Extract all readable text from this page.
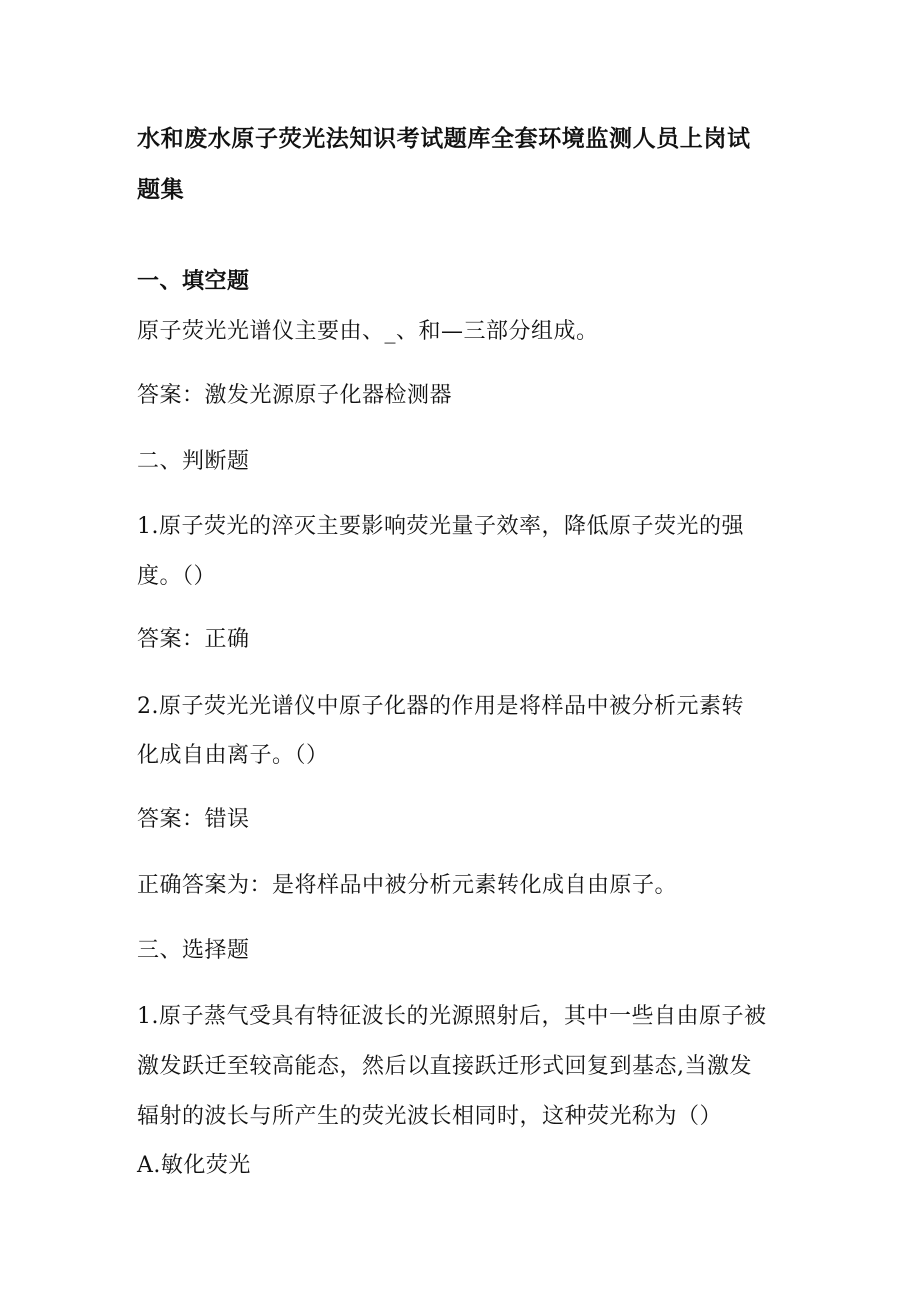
水和废水原子荧光法知识考试题库全套环境监测人员上岗试
题集
一、填空题
原子荧光光谱仪主要由、_、和—三部分组成。
答案：激发光源原子化器检测器
二、判断题
1.原子荧光的淬灭主要影响荧光量子效率，降低原子荧光的强
度。（）
答案：正确
2.原子荧光光谱仪中原子化器的作用是将样品中被分析元素转
化成自由离子。（）
答案：错误
正确答案为：是将样品中被分析元素转化成自由原子。
三、选择题
1.原子蒸气受具有特征波长的光源照射后，其中一些自由原子被
激发跃迁至较高能态，然后以直接跃迁形式回复到基态,当激发
辐射的波长与所产生的荧光波长相同时，这种荧光称为（）
A.敏化荧光
